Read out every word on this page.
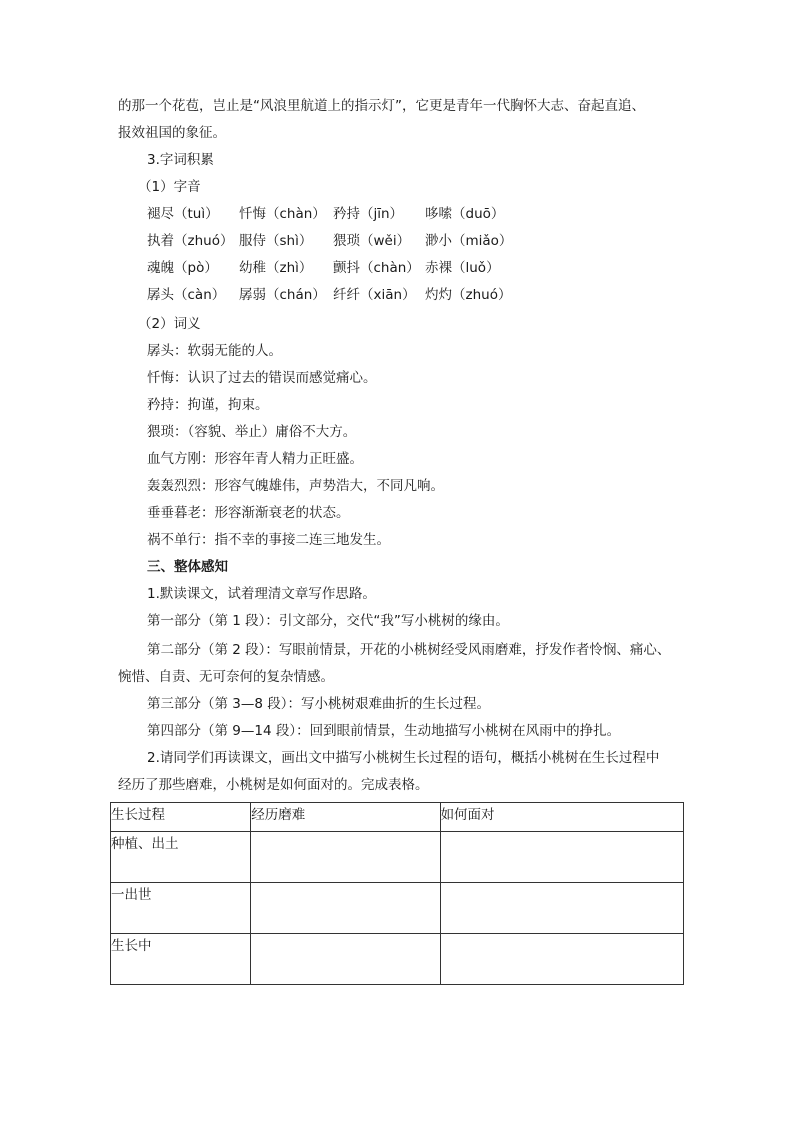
的那一个花苞，岂止是“风浪里航道上的指示灯”，它更是青年一代胸怀大志、奋起直追、
报效祖国的象征。
3.字词积累
（1）字音
褪尽（tuì） 忏悔（chàn） 矜持（jīn） 哆嗦（duō）
执着（zhuó） 服侍（shì） 猥琐（wěi） 渺小（miǎo）
魂魄（pò） 幼稚（zhì） 颤抖（chàn） 赤裸（luǒ）
孱头（càn） 孱弱（chán） 纤纤（xiān） 灼灼（zhuó）
（2）词义
孱头：软弱无能的人。
忏悔：认识了过去的错误而感觉痛心。
矜持：拘谨，拘束。
猥琐：（容貌、举止）庸俗不大方。
血气方刚：形容年青人精力正旺盛。
轰轰烈烈：形容气魄雄伟，声势浩大，不同凡响。
垂垂暮老：形容渐渐衰老的状态。
祸不单行：指不幸的事接二连三地发生。
三、整体感知
1.默读课文，试着理清文章写作思路。
第一部分（第 1 段）：引文部分，交代“我”写小桃树的缘由。
第二部分（第 2 段）：写眼前情景，开花的小桃树经受风雨磨难，抒发作者怜悯、痛心、
惋惜、自责、无可奈何的复杂情感。
第三部分（第 3—8 段）：写小桃树艰难曲折的生长过程。
第四部分（第 9—14 段）：回到眼前情景，生动地描写小桃树在风雨中的挣扎。
2.请同学们再读课文，画出文中描写小桃树生长过程的语句，概括小桃树在生长过程中
经历了那些磨难，小桃树是如何面对的。完成表格。
生长过程	经历磨难	如何面对
种植、出土		
一出世		
生长中		
